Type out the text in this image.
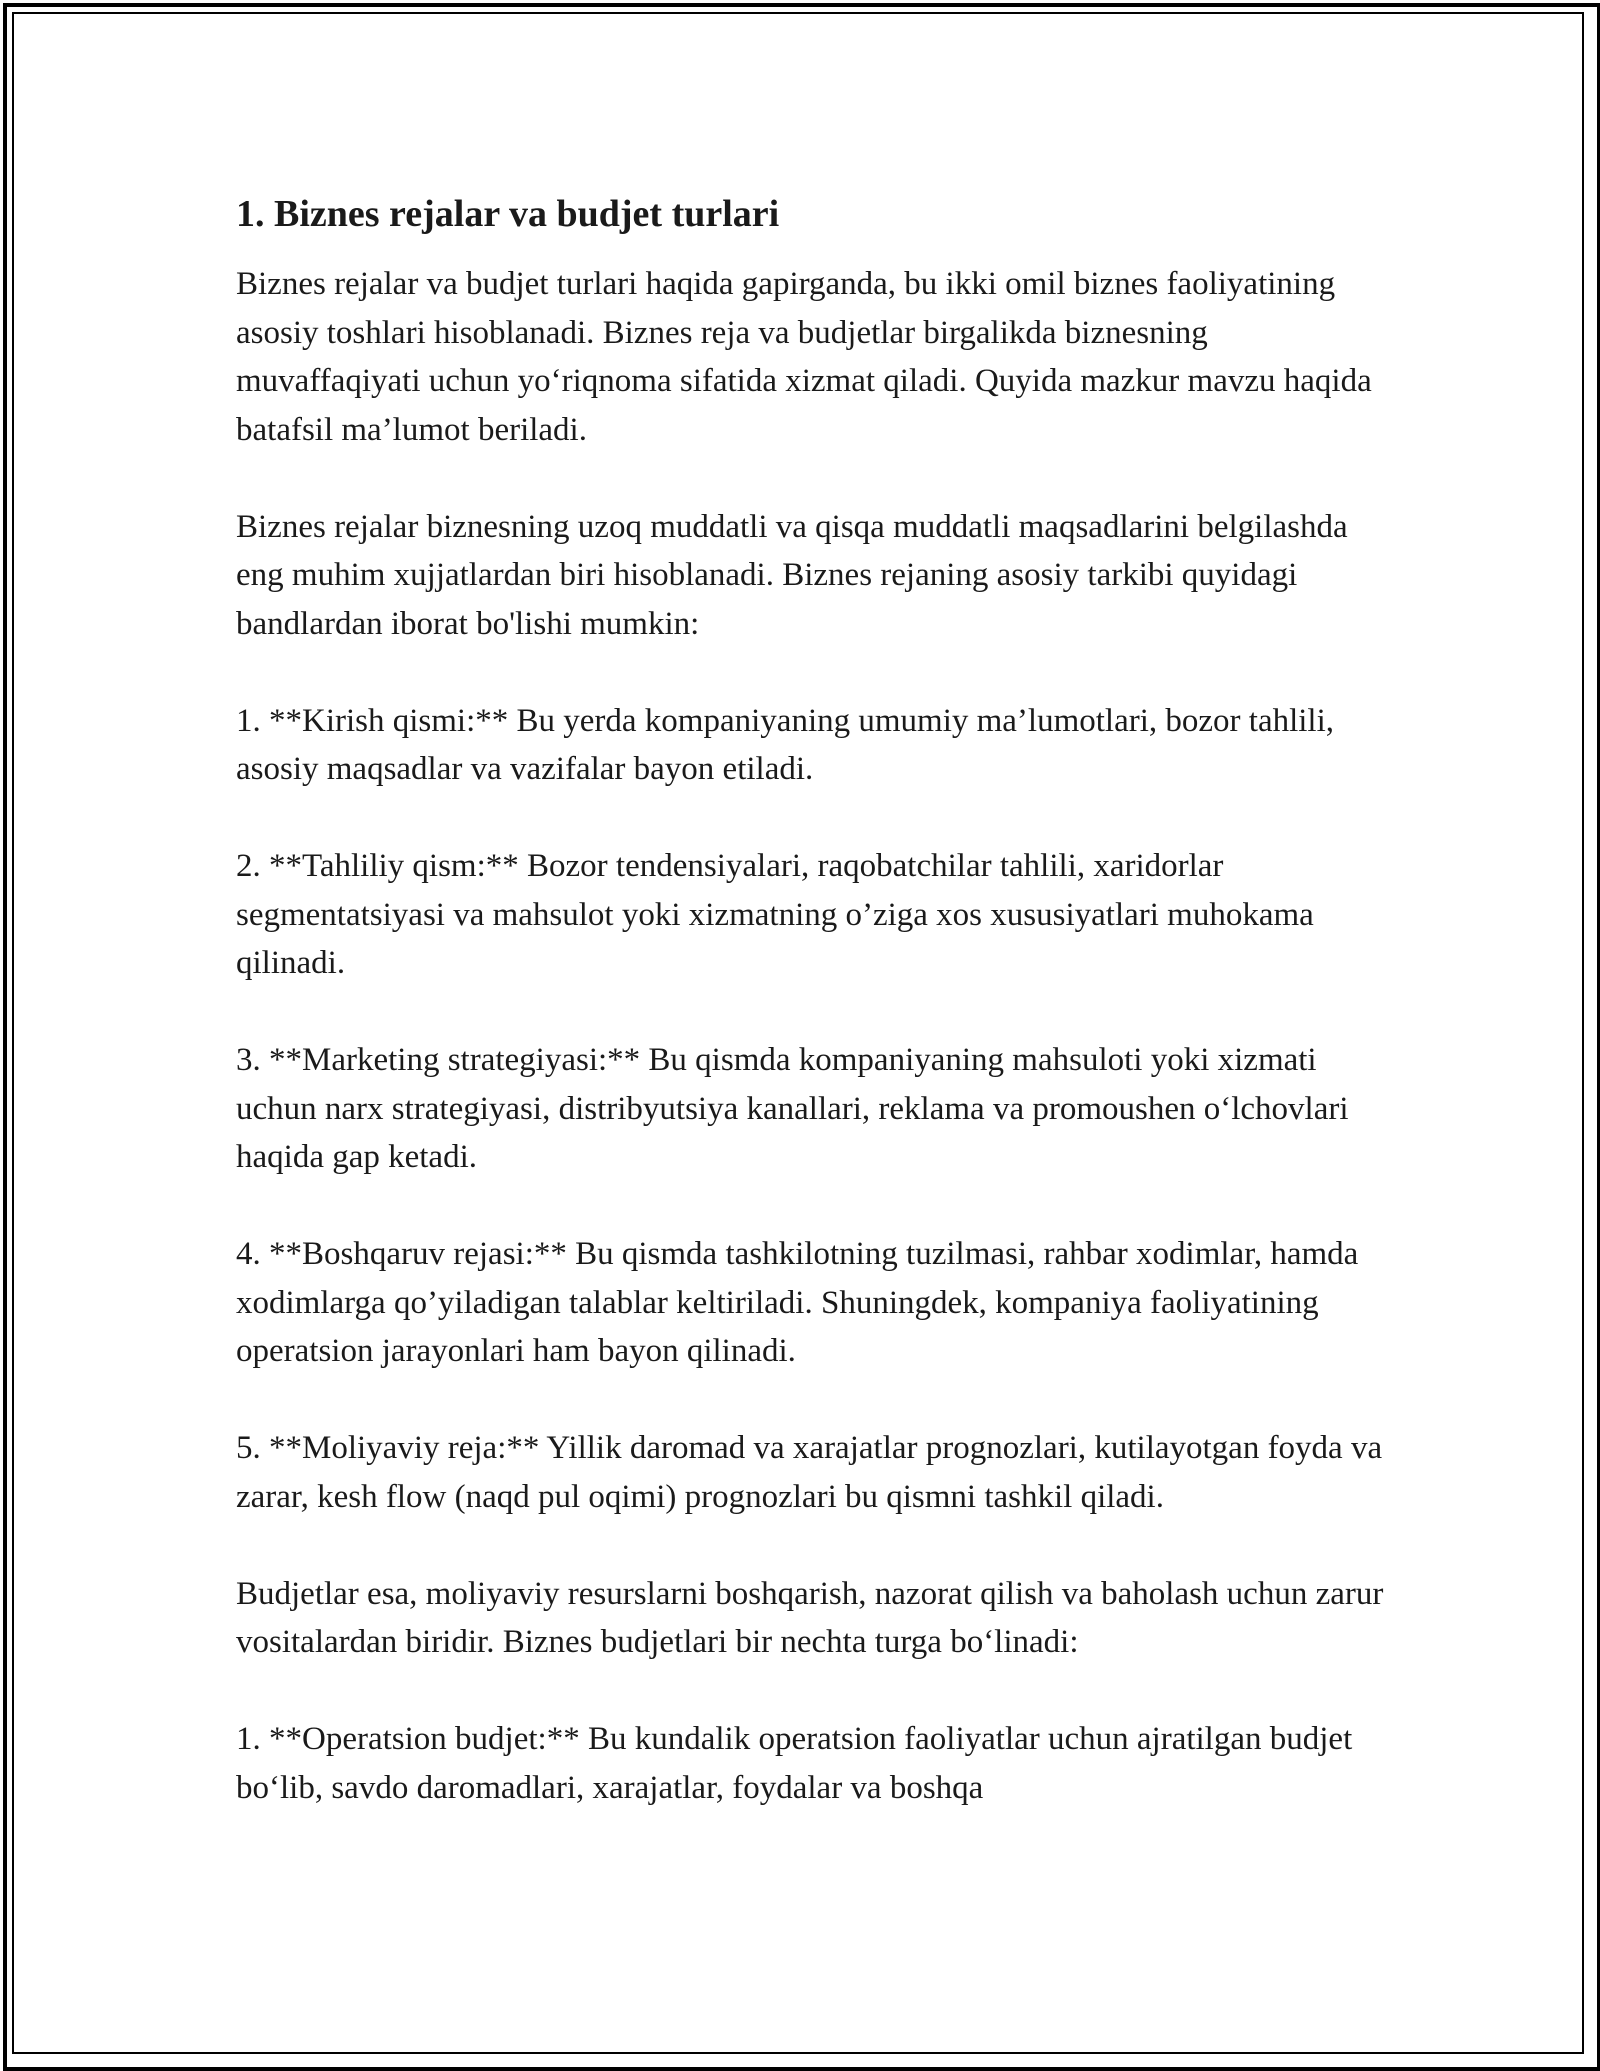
1. Biznes rejalar va budjet turlari

Biznes rejalar va budjet turlari haqida gapirganda, bu ikki omil biznes faoliyatining asosiy toshlari hisoblanadi. Biznes reja va budjetlar birgalikda biznesning muvaffaqiyati uchun yo‘riqnoma sifatida xizmat qiladi. Quyida mazkur mavzu haqida batafsil ma’lumot beriladi.

Biznes rejalar biznesning uzoq muddatli va qisqa muddatli maqsadlarini belgilashda eng muhim xujjatlardan biri hisoblanadi. Biznes rejaning asosiy tarkibi quyidagi bandlardan iborat bo'lishi mumkin:

1. **Kirish qismi:** Bu yerda kompaniyaning umumiy ma’lumotlari, bozor tahlili, asosiy maqsadlar va vazifalar bayon etiladi.

2. **Tahliliy qism:** Bozor tendensiyalari, raqobatchilar tahlili, xaridorlar segmentatsiyasi va mahsulot yoki xizmatning o’ziga xos xususiyatlari muhokama qilinadi.

3. **Marketing strategiyasi:** Bu qismda kompaniyaning mahsuloti yoki xizmati uchun narx strategiyasi, distribyutsiya kanallari, reklama va promoushen o‘lchovlari haqida gap ketadi.

4. **Boshqaruv rejasi:** Bu qismda tashkilotning tuzilmasi, rahbar xodimlar, hamda xodimlarga qo’yiladigan talablar keltiriladi. Shuningdek, kompaniya faoliyatining operatsion jarayonlari ham bayon qilinadi.

5. **Moliyaviy reja:** Yillik daromad va xarajatlar prognozlari, kutilayotgan foyda va zarar, kesh flow (naqd pul oqimi) prognozlari bu qismni tashkil qiladi.

Budjetlar esa, moliyaviy resurslarni boshqarish, nazorat qilish va baholash uchun zarur vositalardan biridir. Biznes budjetlari bir nechta turga bo‘linadi:

1. **Operatsion budjet:** Bu kundalik operatsion faoliyatlar uchun ajratilgan budjet bo‘lib, savdo daromadlari, xarajatlar, foydalar va boshqa
